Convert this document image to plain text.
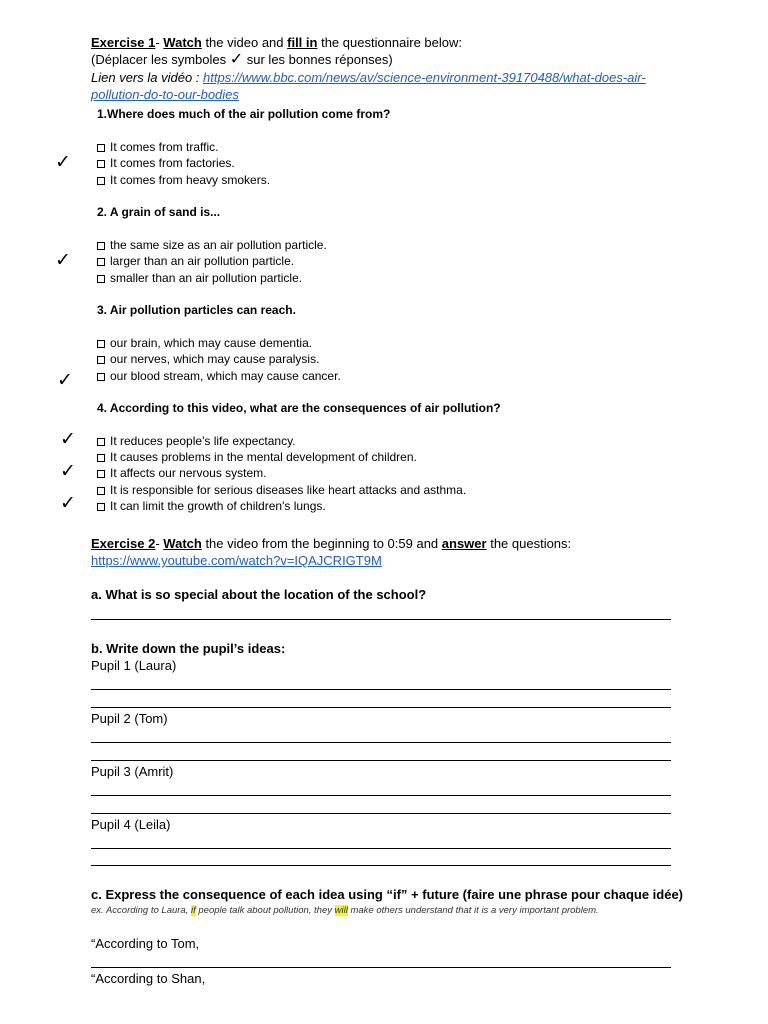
Exercise 1- Watch the video and fill in the questionnaire below:
(Déplacer les symboles ✓ sur les bonnes réponses)
Lien vers la vidéo : https://www.bbc.com/news/av/science-environment-39170488/what-does-air-
pollution-do-to-our-bodies
1.Where does much of the air pollution come from?
It comes from traffic.
It comes from factories.
It comes from heavy smokers.
✓
2. A grain of sand is...
the same size as an air pollution particle.
larger than an air pollution particle.
smaller than an air pollution particle.
✓
3. Air pollution particles can reach.
our brain, which may cause dementia.
our nerves, which may cause paralysis.
our blood stream, which may cause cancer.
✓
4. According to this video, what are the consequences of air pollution?
It reduces people's life expectancy.
It causes problems in the mental development of children.
It affects our nervous system.
It is responsible for serious diseases like heart attacks and asthma.
It can limit the growth of children's lungs.
✓
✓
✓
Exercise 2- Watch the video from the beginning to 0:59 and answer the questions:
https://www.youtube.com/watch?v=IQAJCRIGT9M
a. What is so special about the location of the school?
b. Write down the pupil’s ideas:
Pupil 1 (Laura)
Pupil 2 (Tom)
Pupil 3 (Amrit)
Pupil 4 (Leila)
c. Express the consequence of each idea using “if” + future (faire une phrase pour chaque idée)
ex. According to Laura, if people talk about pollution, they will make others understand that it is a very important problem.
“According to Tom,
“According to Shan,
